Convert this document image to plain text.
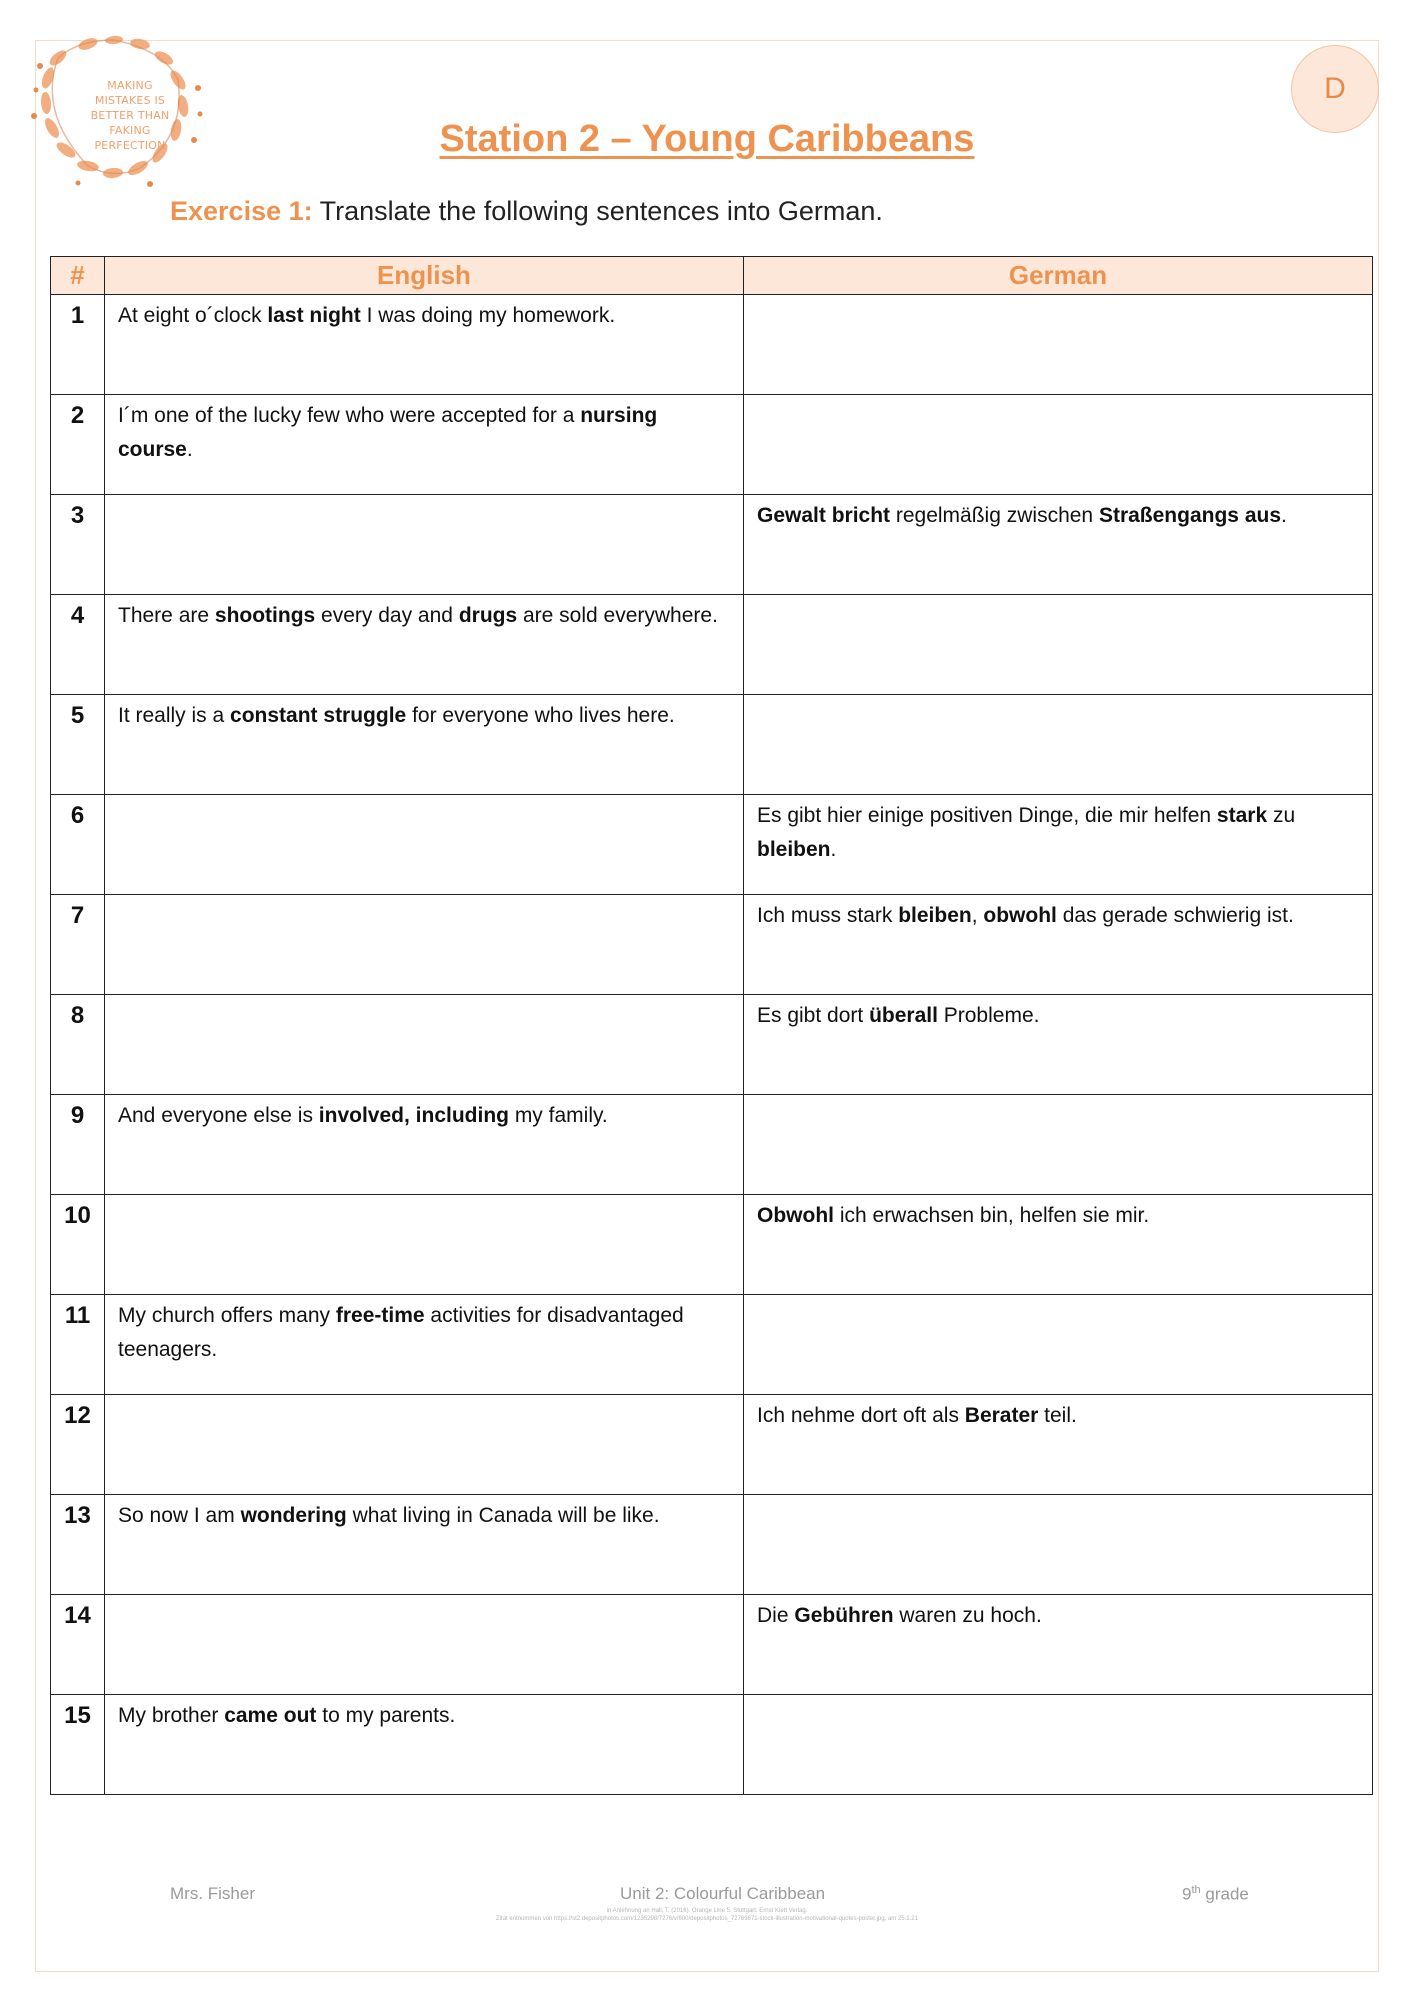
MAKING
MISTAKES IS
BETTER THAN
FAKING
PERFECTION
D
Station 2 – Young Caribbeans
Exercise 1: Translate the following sentences into German.
#	English	German
1	At eight o´clock last night I was doing my homework.	
2	I´m one of the lucky few who were accepted for a nursing course.	
3		Gewalt bricht regelmäßig zwischen Straßengangs aus.
4	There are shootings every day and drugs are sold everywhere.	
5	It really is a constant struggle for everyone who lives here.	
6		Es gibt hier einige positiven Dinge, die mir helfen stark zu bleiben.
7		Ich muss stark bleiben, obwohl das gerade schwierig ist.
8		Es gibt dort überall Probleme.
9	And everyone else is involved, including my family.	
10		Obwohl ich erwachsen bin, helfen sie mir.
11	My church offers many free-time activities for disadvantaged teenagers.	
12		Ich nehme dort oft als Berater teil.
13	So now I am wondering what living in Canada will be like.	
14		Die Gebühren waren zu hoch.
15	My brother came out to my parents.	
Mrs. Fisher	Unit 2: Colourful Caribbean	9th grade
in Anlehnung an Hall, T. (2016). Orange Line 5. Stuttgart: Ernst Klett Verlag.
Zitat entnommen von https://st2.depositphotos.com/1235298/7276/v/600/depositphotos_72769871-stock-illustration-motivational-quotes-poster.jpg, am 25.1.21
